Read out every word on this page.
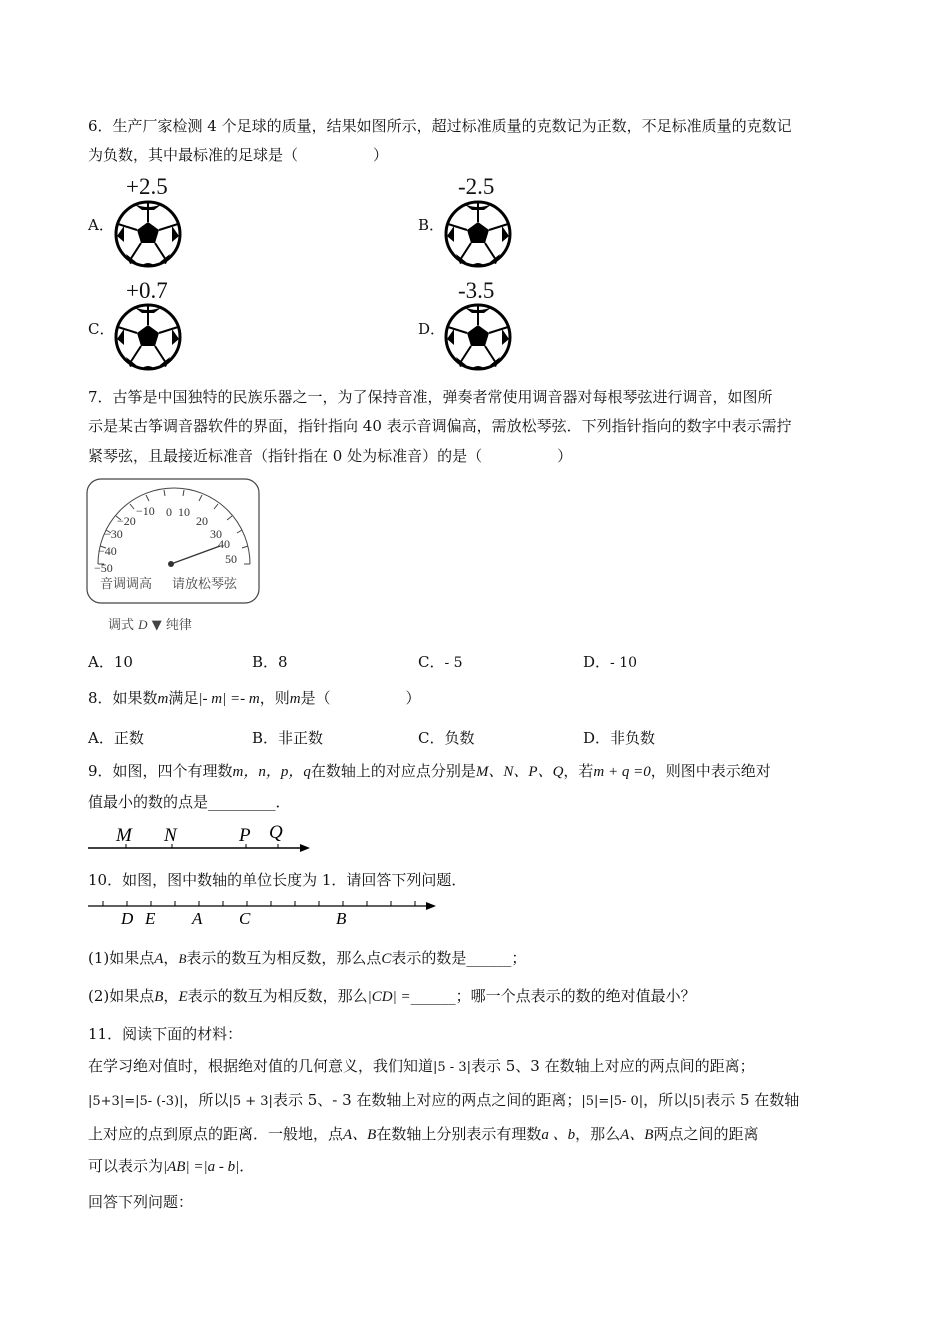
6．生产厂家检测 4 个足球的质量，结果如图所示，超过标准质量的克数记为正数，不足标准质量的克数记
为负数，其中最标准的足球是（　　　　　）
A．
+2.5
B．
-2.5
C．
+0.7
D．
-3.5
7．古筝是中国独特的民族乐器之一，为了保持音准，弹奏者常使用调音器对每根琴弦进行调音，如图所
示是某古筝调音器软件的界面，指针指向 40 表示音调偏高，需放松琴弦．下列指针指向的数字中表示需拧
紧琴弦，且最接近标准音（指针指在 0 处为标准音）的是（　　　　　）
−50
−40
−30
−20
−10 0 10
20
30
40
50
音调调高 请放松琴弦
调式 D ▼ 纯律
A．10	B．8	C．- 5	D．- 10
8．如果数m满足|- m| =- m，则m是（　　　　　）
A．正数	B．非正数	C．负数	D．非负数
9．如图，四个有理数m，n，p，q在数轴上的对应点分别是M、N、P、Q，若m + q =0，则图中表示绝对
值最小的数的点是_________．
M N	P Q
10．如图，图中数轴的单位长度为 1．请回答下列问题．
D E A C	B
(1)如果点A，B表示的数互为相反数，那么点C表示的数是______；
(2)如果点B，E表示的数互为相反数，那么|CD| =______；哪一个点表示的数的绝对值最小？
11．阅读下面的材料：
在学习绝对值时，根据绝对值的几何意义，我们知道|5 - 3|表示 5、3 在数轴上对应的两点间的距离；
|5+3|=|5- (-3)|，所以|5 + 3|表示 5、- 3 在数轴上对应的两点之间的距离；|5|=|5- 0|，所以|5|表示 5 在数轴
上对应的点到原点的距离．一般地，点A、B在数轴上分别表示有理数a 、b，那么A、B两点之间的距离
可以表示为|AB| =|a - b|．
回答下列问题：
